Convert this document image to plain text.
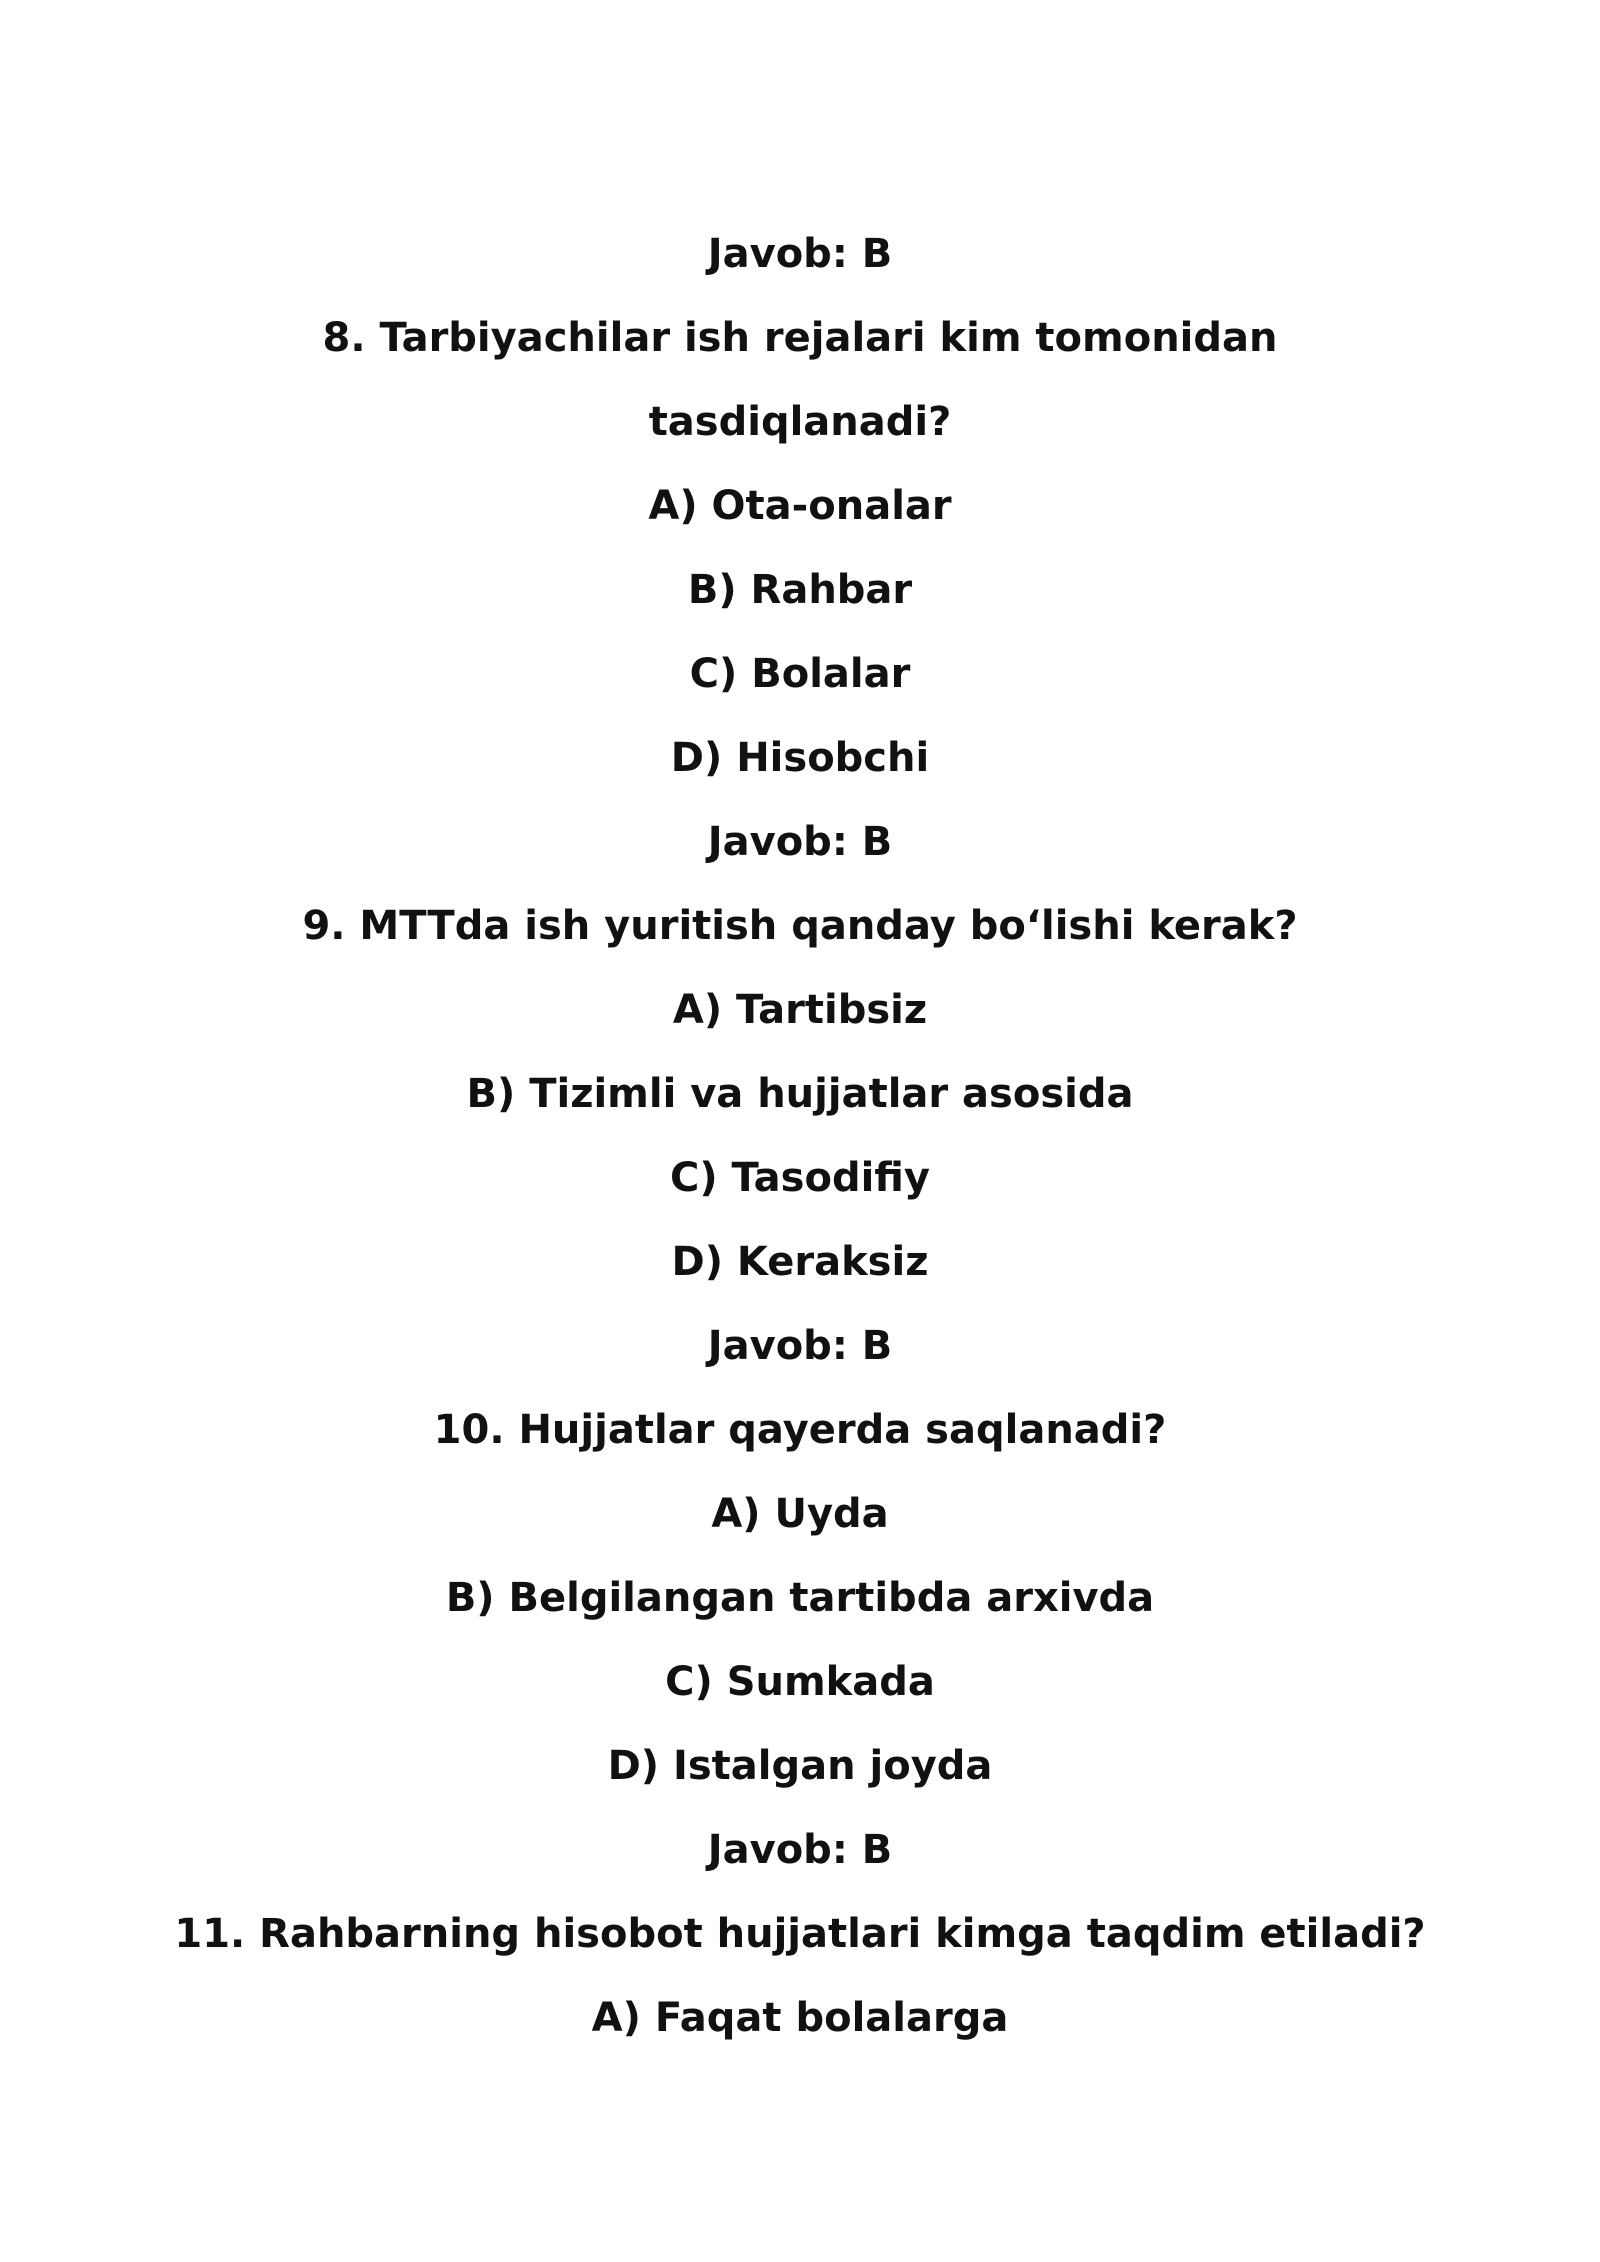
Javob: B
8. Tarbiyachilar ish rejalari kim tomonidan
tasdiqlanadi?
A) Ota-onalar
B) Rahbar
C) Bolalar
D) Hisobchi
Javob: B
9. MTTda ish yuritish qanday bo‘lishi kerak?
A) Tartibsiz
B) Tizimli va hujjatlar asosida
C) Tasodifiy
D) Keraksiz
Javob: B
10. Hujjatlar qayerda saqlanadi?
A) Uyda
B) Belgilangan tartibda arxivda
C) Sumkada
D) Istalgan joyda
Javob: B
11. Rahbarning hisobot hujjatlari kimga taqdim etiladi?
A) Faqat bolalarga
